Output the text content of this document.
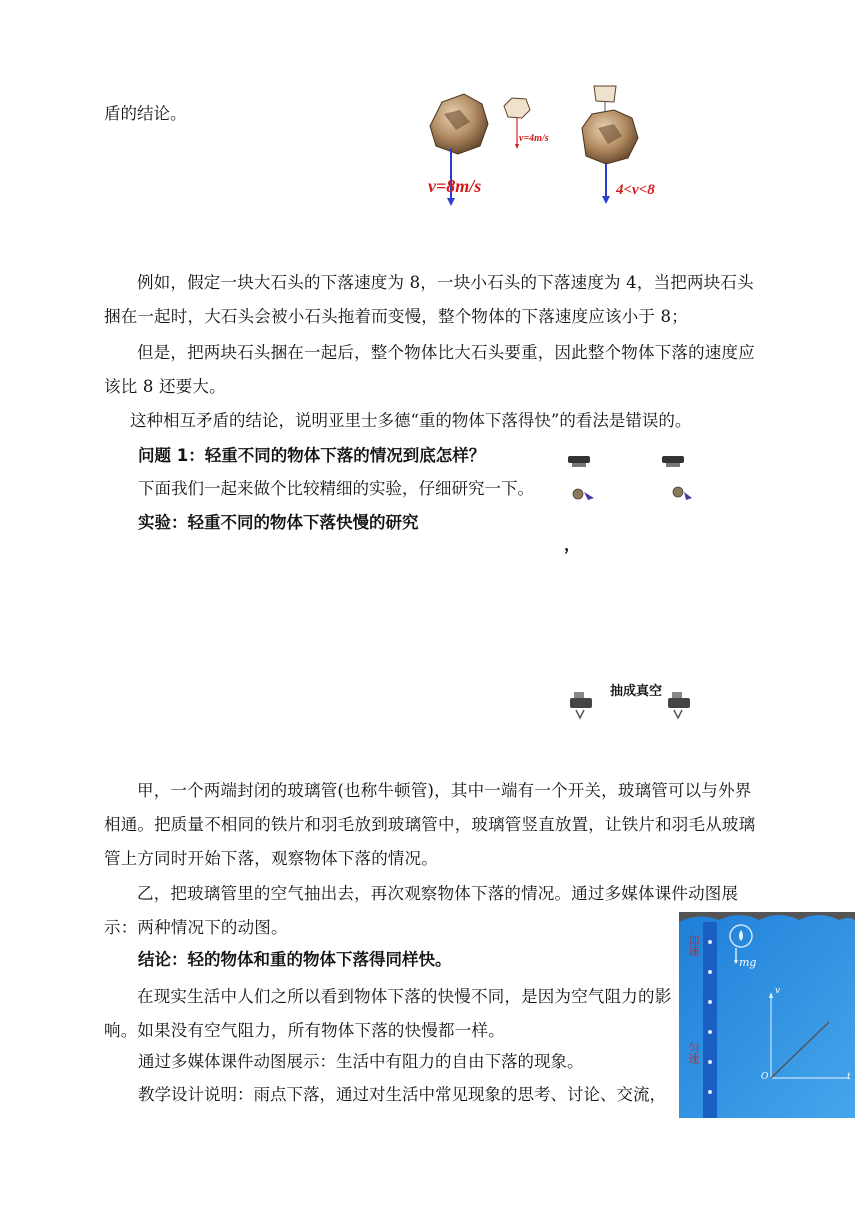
盾的结论。
v=8m/s
v=4m/s
4<v<8
例如，假定一块大石头的下落速度为 8，一块小石头的下落速度为 4，当把两块石头捆在一起时，大石头会被小石头拖着而变慢，整个物体的下落速度应该小于 8；
但是，把两块石头捆在一起后，整个物体比大石头要重，因此整个物体下落的速度应该比 8 还要大。
这种相互矛盾的结论，说明亚里士多德“重的物体下落得快”的看法是错误的。
问题 1：轻重不同的物体下落的情况到底怎样？
下面我们一起来做个比较精细的实验，仔细研究一下。
实验：轻重不同的物体下落快慢的研究
，
抽成真空
甲，一个两端封闭的玻璃管(也称牛顿管)，其中一端有一个开关，玻璃管可以与外界相通。把质量不相同的铁片和羽毛放到玻璃管中，玻璃管竖直放置，让铁片和羽毛从玻璃管上方同时开始下落，观察物体下落的情况。
乙，把玻璃管里的空气抽出去，再次观察物体下落的情况。通过多媒体课件动图展示：两种情况下的动图。
结论：轻的物体和重的物体下落得同样快。
在现实生活中人们之所以看到物体下落的快慢不同，是因为空气阻力的影响。如果没有空气阻力，所有物体下落的快慢都一样。
通过多媒体课件动图展示：生活中有阻力的自由下落的现象。
教学设计说明：雨点下落，通过对生活中常见现象的思考、讨论、交流，
加速
匀速
mg
v
t
O
